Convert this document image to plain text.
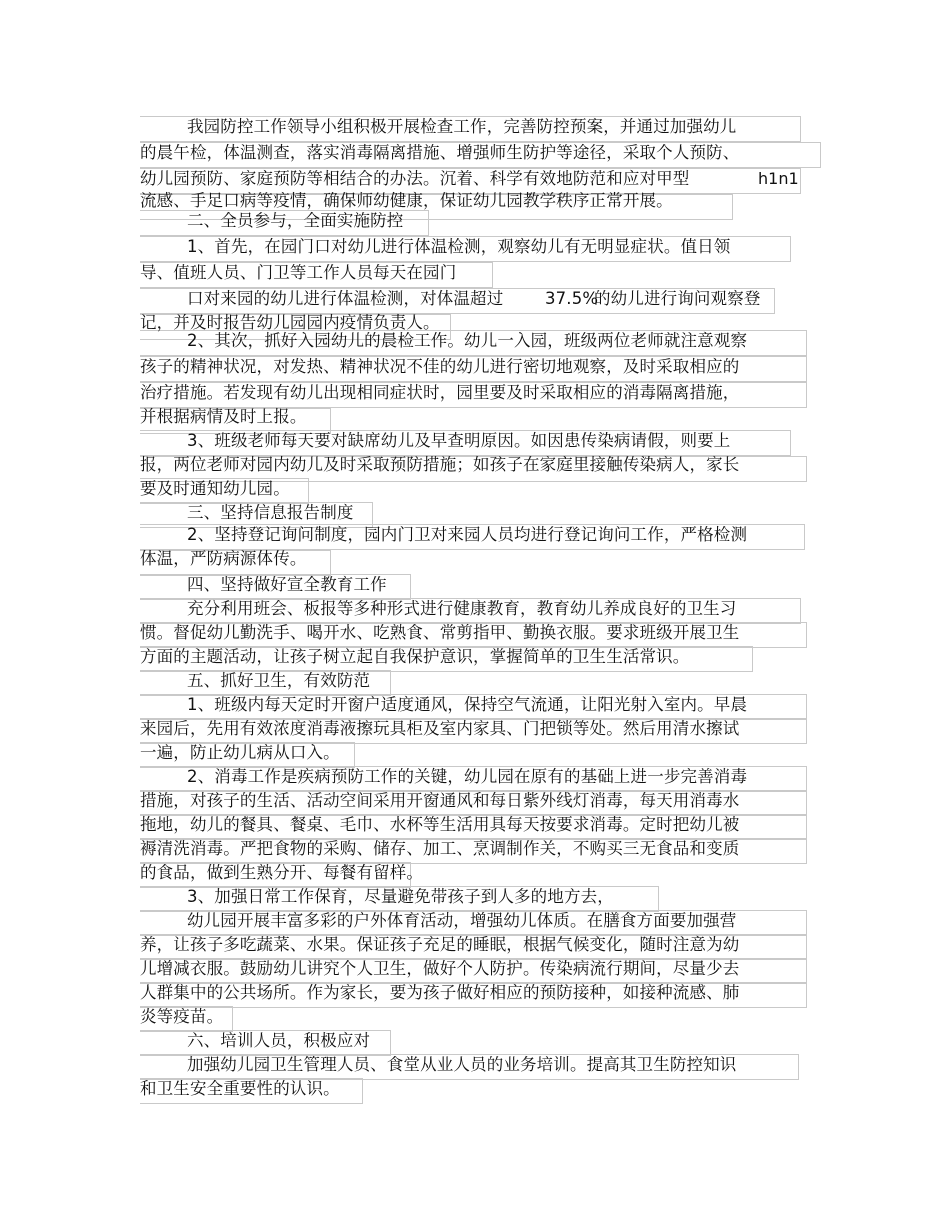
我园防控工作领导小组积极开展检查工作，完善防控预案，并通过加强幼儿
的晨午检，体温测查，落实消毒隔离措施、增强师生防护等途径，采取个人预防、
幼儿园预防、家庭预防等相结合的办法。沉着、科学有效地防范和应对甲型	h1n1
流感、手足口病等疫情，确保师幼健康，保证幼儿园教学秩序正常开展。
二、全员参与，全面实施防控
1、首先，在园门口对幼儿进行体温检测，观察幼儿有无明显症状。值日领
导、值班人员、门卫等工作人员每天在园门
口对来园的幼儿进行体温检测，对体温超过	37.5%
的幼儿进行询问观察登
记，并及时报告幼儿园园内疫情负责人。
2、其次，抓好入园幼儿的晨检工作。幼儿一入园，班级两位老师就注意观察
孩子的精神状况，对发热、精神状况不佳的幼儿进行密切地观察，及时采取相应的
治疗措施。若发现有幼儿出现相同症状时，园里要及时采取相应的消毒隔离措施，
并根据病情及时上报。
3、班级老师每天要对缺席幼儿及早查明原因。如因患传染病请假，则要上
报，两位老师对园内幼儿及时采取预防措施；如孩子在家庭里接触传染病人，家长
要及时通知幼儿园。
三、坚持信息报告制度
2、坚持登记询问制度，园内门卫对来园人员均进行登记询问工作，严格检测
体温，严防病源体传。
四、坚持做好宣全教育工作
充分利用班会、板报等多种形式进行健康教育，教育幼儿养成良好的卫生习
惯。督促幼儿勤洗手、喝开水、吃熟食、常剪指甲、勤换衣服。要求班级开展卫生
方面的主题活动，让孩子树立起自我保护意识，掌握简单的卫生生活常识。
五、抓好卫生，有效防范
1、班级内每天定时开窗户适度通风，保持空气流通，让阳光射入室内。早晨
来园后，先用有效浓度消毒液擦玩具柜及室内家具、门把锁等处。然后用清水擦试
一遍，防止幼儿病从口入。
2、消毒工作是疾病预防工作的关键，幼儿园在原有的基础上进一步完善消毒
措施，对孩子的生活、活动空间采用开窗通风和每日紫外线灯消毒，每天用消毒水
拖地，幼儿的餐具、餐桌、毛巾、水杯等生活用具每天按要求消毒。定时把幼儿被
褥清洗消毒。严把食物的采购、储存、加工、烹调制作关，不购买三无食品和变质
的食品，做到生熟分开、每餐有留样。
3、加强日常工作保育，尽量避免带孩子到人多的地方去，
幼儿园开展丰富多彩的户外体育活动，增强幼儿体质。在膳食方面要加强营
养，让孩子多吃蔬菜、水果。保证孩子充足的睡眠，根据气候变化，随时注意为幼
儿增减衣服。鼓励幼儿讲究个人卫生，做好个人防护。传染病流行期间，尽量少去
人群集中的公共场所。作为家长，要为孩子做好相应的预防接种，如接种流感、肺
炎等疫苗。
六、培训人员，积极应对
加强幼儿园卫生管理人员、食堂从业人员的业务培训。提高其卫生防控知识
和卫生安全重要性的认识。
